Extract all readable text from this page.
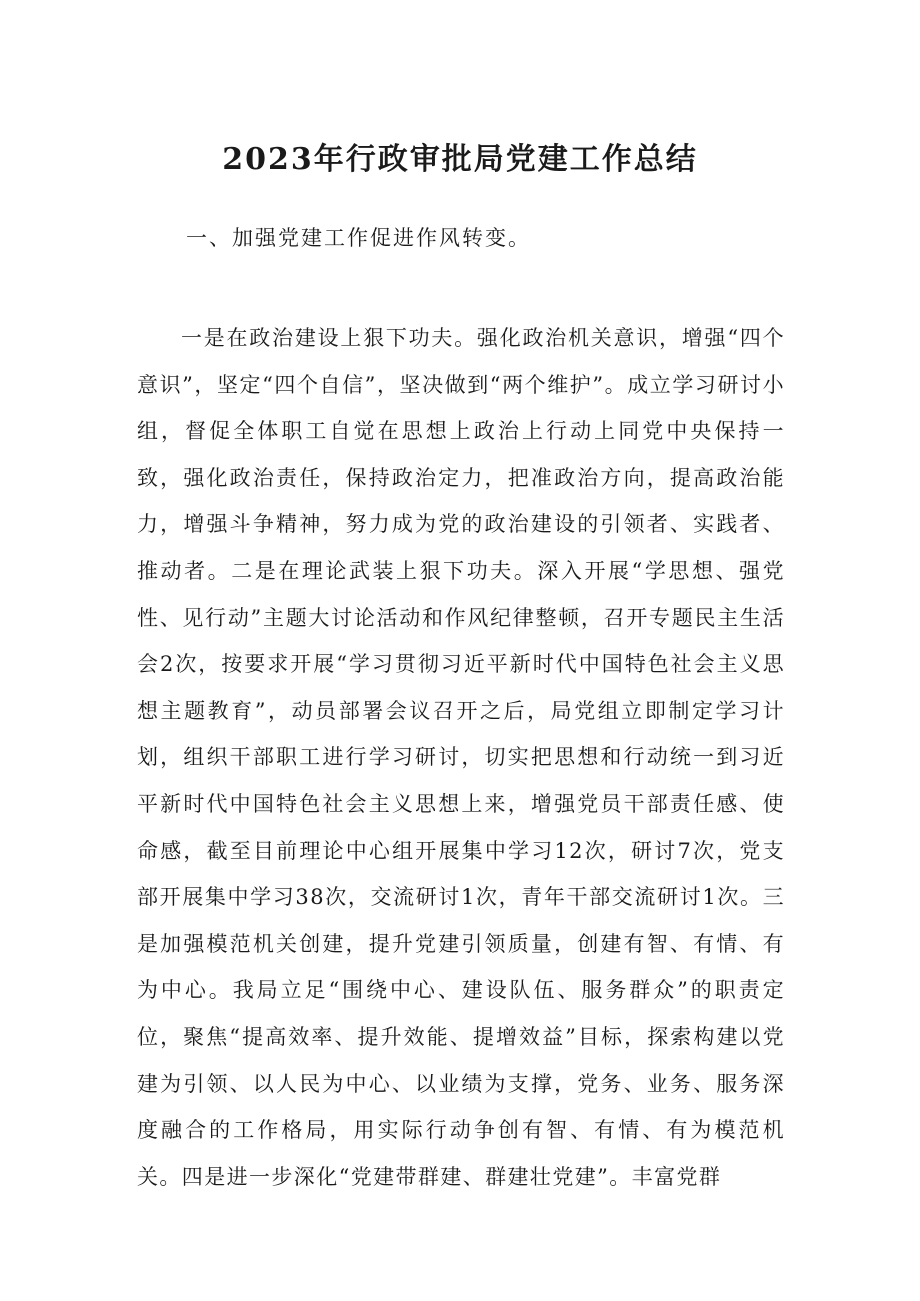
2023年行政审批局党建工作总结

一、加强党建工作促进作风转变。

一是在政治建设上狠下功夫。强化政治机关意识，增强“四个意识”，坚定“四个自信”，坚决做到“两个维护”。成立学习研讨小组，督促全体职工自觉在思想上政治上行动上同党中央保持一致，强化政治责任，保持政治定力，把准政治方向，提高政治能力，增强斗争精神，努力成为党的政治建设的引领者、实践者、推动者。二是在理论武装上狠下功夫。深入开展“学思想、强党性、见行动”主题大讨论活动和作风纪律整顿，召开专题民主生活会2次，按要求开展“学习贯彻习近平新时代中国特色社会主义思想主题教育”，动员部署会议召开之后，局党组立即制定学习计划，组织干部职工进行学习研讨，切实把思想和行动统一到习近平新时代中国特色社会主义思想上来，增强党员干部责任感、使命感，截至目前理论中心组开展集中学习12次，研讨7次，党支部开展集中学习38次，交流研讨1次，青年干部交流研讨1次。三是加强模范机关创建，提升党建引领质量，创建有智、有情、有为中心。我局立足“围绕中心、建设队伍、服务群众”的职责定位，聚焦“提高效率、提升效能、提增效益”目标，探索构建以党建为引领、以人民为中心、以业绩为支撑，党务、业务、服务深度融合的工作格局，用实际行动争创有智、有情、有为模范机关。四是进一步深化“党建带群建、群建壮党建”。丰富党群
